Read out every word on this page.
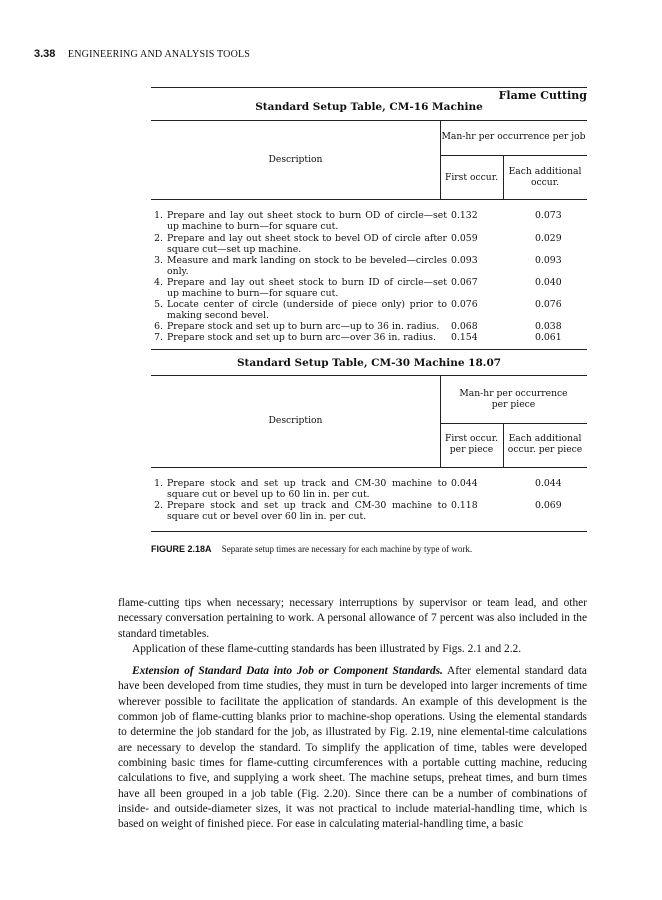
3.38 ENGINEERING AND ANALYSIS TOOLS
Flame Cutting
Standard Setup Table, CM-16 Machine
Description
Man-hr per occurrence per job
First occur.
Each additional
occur.
1. Prepare and lay out sheet stock to burn OD of circle—set up machine to burn—for square cut.
0.132	0.073
2. Prepare and lay out sheet stock to bevel OD of circle after square cut—set up machine.
0.059	0.029
3. Measure and mark landing on stock to be beveled—circles only.
0.093	0.093
4. Prepare and lay out sheet stock to burn ID of circle—set up machine to burn—for square cut.
0.067	0.040
5. Locate center of circle (underside of piece only) prior to making second bevel.
0.076	0.076
6. Prepare stock and set up to burn arc—up to 36 in. radius.	0.068	0.038
7. Prepare stock and set up to burn arc—over 36 in. radius.	0.154	0.061
Standard Setup Table, CM-30 Machine 18.07
Description
Man-hr per occurrence
per piece
First occur.
per piece
Each additional
occur. per piece
1. Prepare stock and set up track and CM-30 machine to square cut or bevel up to 60 lin in. per cut.
0.044	0.044
2. Prepare stock and set up track and CM-30 machine to square cut or bevel over 60 lin in. per cut.
0.118	0.069
FIGURE 2.18A Separate setup times are necessary for each machine by type of work.

flame-cutting tips when necessary; necessary interruptions by supervisor or team lead, and other necessary conversation pertaining to work. A personal allowance of 7 percent was also included in the standard timetables.

Application of these flame-cutting standards has been illustrated by Figs. 2.1 and 2.2.

Extension of Standard Data into Job or Component Standards. After elemental standard data have been developed from time studies, they must in turn be developed into larger increments of time wherever possible to facilitate the application of standards. An example of this development is the common job of flame-cutting blanks prior to machine-shop operations. Using the elemental standards to determine the job standard for the job, as illustrated by Fig. 2.19, nine elemental-time calculations are necessary to develop the standard. To simplify the application of time, tables were developed combining basic times for flame-cutting circumferences with a portable cutting machine, reducing calculations to five, and supplying a work sheet. The machine setups, preheat times, and burn times have all been grouped in a job table (Fig. 2.20). Since there can be a number of combinations of inside- and outside-diameter sizes, it was not practical to include material-handling time, which is based on weight of finished piece. For ease in calculating material-handling time, a basic
